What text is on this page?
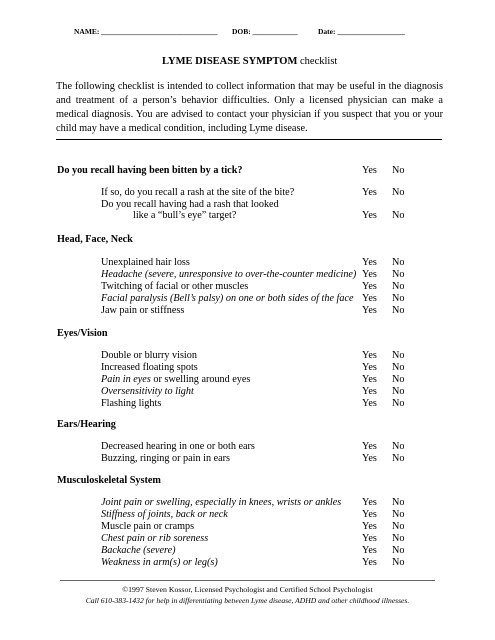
NAME: _______________________________ DOB: ____________	Date: __________________
LYME DISEASE SYMPTOM checklist
The following checklist is intended to collect information that may be useful in the diagnosis and treatment of a person’s behavior difficulties. Only a licensed physician can make a medical diagnosis. You are advised to contact your physician if you suspect that you or your child may have a medical condition, including Lyme disease.
Do you recall having been bitten by a tick?	Yes No
If so, do you recall a rash at the site of the bite?	Yes No
Do you recall having had a rash that looked
like a “bull’s eye” target?	Yes No
Head, Face, Neck
Unexplained hair loss	Yes No
Headache (severe, unresponsive to over-the-counter medicine) Yes No
Twitching of facial or other muscles	Yes No
Facial paralysis (Bell’s palsy) on one or both sides of the face Yes No
Jaw pain or stiffness	Yes No
Eyes/Vision
Double or blurry vision	Yes No
Increased floating spots	Yes No
Pain in eyes or swelling around eyes	Yes No
Oversensitivity to light	Yes No
Flashing lights	Yes No
Ears/Hearing
Decreased hearing in one or both ears	Yes No
Buzzing, ringing or pain in ears	Yes No
Musculoskeletal System
Joint pain or swelling, especially in knees, wrists or ankles Yes No
Stiffness of joints, back or neck	Yes No
Muscle pain or cramps	Yes No
Chest pain or rib soreness	Yes No
Backache (severe)	Yes No
Weakness in arm(s) or leg(s)	Yes No
©1997 Steven Kossor, Licensed Psychologist and Certified School Psychologist
Call 610-383-1432 for help in differentiating between Lyme disease, ADHD and other childhood illnesses.
